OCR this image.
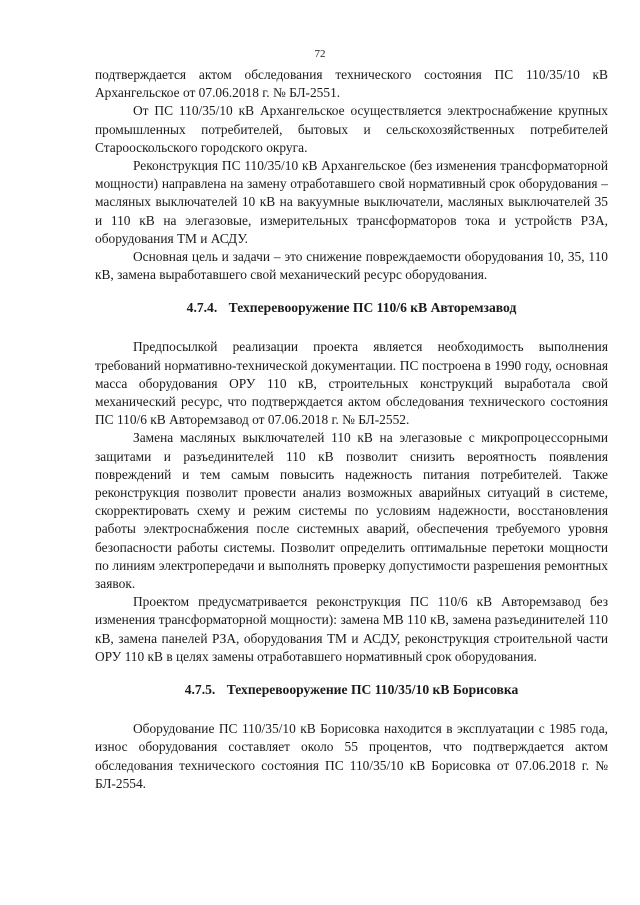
72

подтверждается актом обследования технического состояния ПС 110/35/10 кВ Архангельское от 07.06.2018 г. № БЛ-2551.

От ПС 110/35/10 кВ Архангельское осуществляется электроснабжение крупных промышленных потребителей, бытовых и сельскохозяйственных потребителей Старооскольского городского округа.

Реконструкция ПС 110/35/10 кВ Архангельское (без изменения трансформаторной мощности) направлена на замену отработавшего свой нормативный срок оборудования – масляных выключателей 10 кВ на вакуумные выключатели, масляных выключателей 35 и 110 кВ на элегазовые, измерительных трансформаторов тока и устройств РЗА, оборудования ТМ и АСДУ.

Основная цель и задачи – это снижение повреждаемости оборудования 10, 35, 110 кВ, замена выработавшего свой механический ресурс оборудования.

4.7.4. Техперевооружение ПС 110/6 кВ Авторемзавод

Предпосылкой реализации проекта является необходимость выполнения требований нормативно-технической документации. ПС построена в 1990 году, основная масса оборудования ОРУ 110 кВ, строительных конструкций выработала свой механический ресурс, что подтверждается актом обследования технического состояния ПС 110/6 кВ Авторемзавод от 07.06.2018 г. № БЛ-2552.

Замена масляных выключателей 110 кВ на элегазовые с микропроцессорными защитами и разъединителей 110 кВ позволит снизить вероятность появления повреждений и тем самым повысить надежность питания потребителей. Также реконструкция позволит провести анализ возможных аварийных ситуаций в системе, скорректировать схему и режим системы по условиям надежности, восстановления работы электроснабжения после системных аварий, обеспечения требуемого уровня безопасности работы системы. Позволит определить оптимальные перетоки мощности по линиям электропередачи и выполнять проверку допустимости разрешения ремонтных заявок.

Проектом предусматривается реконструкция ПС 110/6 кВ Авторемзавод без изменения трансформаторной мощности): замена МВ 110 кВ, замена разъединителей 110 кВ, замена панелей РЗА, оборудования ТМ и АСДУ, реконструкция строительной части ОРУ 110 кВ в целях замены отработавшего нормативный срок оборудования.

4.7.5. Техперевооружение ПС 110/35/10 кВ Борисовка

Оборудование ПС 110/35/10 кВ Борисовка находится в эксплуатации с 1985 года, износ оборудования составляет около 55 процентов, что подтверждается актом обследования технического состояния ПС 110/35/10 кВ Борисовка от 07.06.2018 г. № БЛ-2554.
